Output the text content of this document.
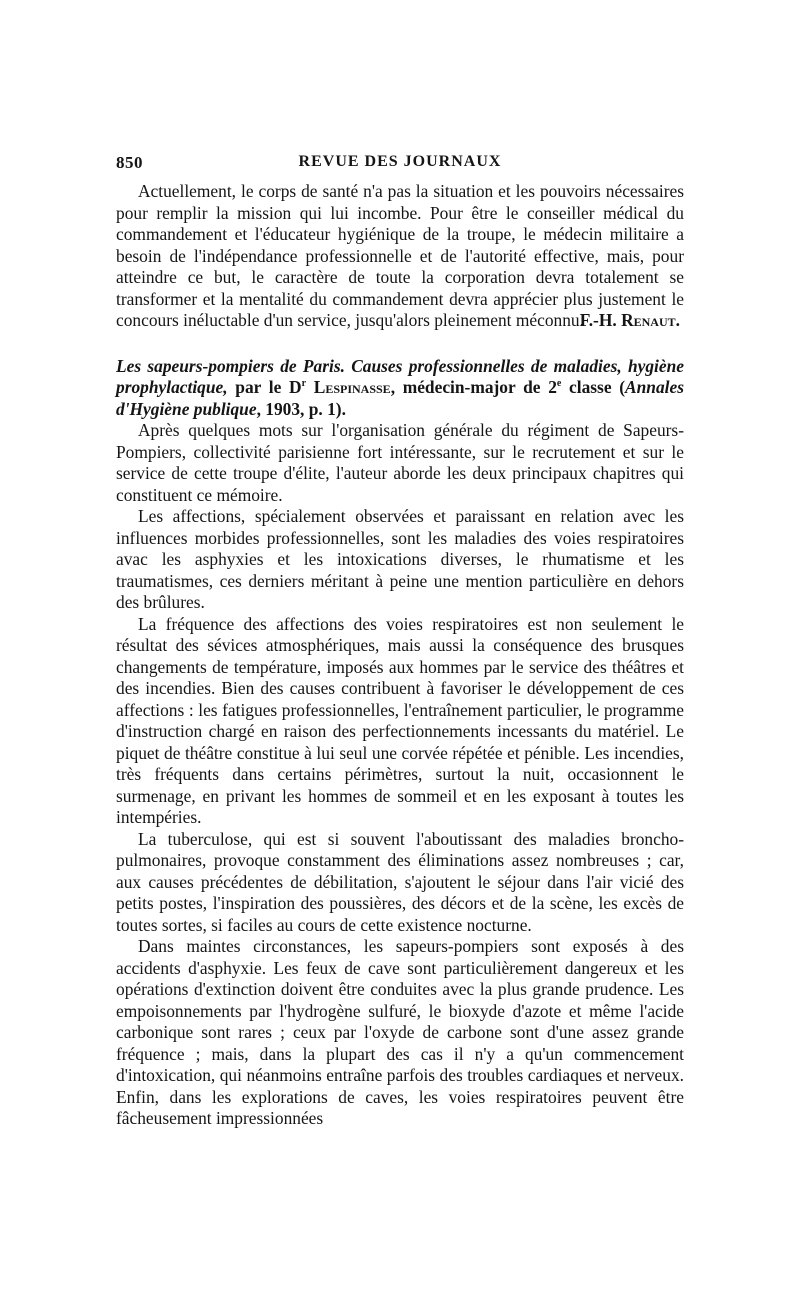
850	REVUE DES JOURNAUX

Actuellement, le corps de santé n'a pas la situation et les pouvoirs nécessaires pour remplir la mission qui lui incombe. Pour être le conseiller médical du commandement et l'éducateur hygiénique de la troupe, le médecin militaire a besoin de l'indépendance professionnelle et de l'autorité effective, mais, pour atteindre ce but, le caractère de toute la corporation devra totalement se transformer et la mentalité du commandement devra apprécier plus justement le concours inéluctable d'un service, jusqu'alors pleinement méconnu.

F.-H. Renaut.

Les sapeurs-pompiers de Paris. Causes professionnelles de maladies, hygiène prophylactique, par le $D^r$ Lespinasse, médecin-major de 2e classe (Annales d'Hygiène publique, 1903, p. 1).

Après quelques mots sur l'organisation générale du régiment de Sapeurs-Pompiers, collectivité parisienne fort intéressante, sur le recrutement et sur le service de cette troupe d'élite, l'auteur aborde les deux principaux chapitres qui constituent ce mémoire.

Les affections, spécialement observées et paraissant en relation avec les influences morbides professionnelles, sont les maladies des voies respiratoires avac les asphyxies et les intoxications diverses, le rhumatisme et les traumatismes, ces derniers méritant à peine une mention particulière en dehors des brûlures.

La fréquence des affections des voies respiratoires est non seulement le résultat des sévices atmosphériques, mais aussi la conséquence des brusques changements de température, imposés aux hommes par le service des théâtres et des incendies. Bien des causes contribuent à favoriser le développement de ces affections : les fatigues professionnelles, l'entraînement particulier, le programme d'instruction chargé en raison des perfectionnements incessants du matériel. Le piquet de théâtre constitue à lui seul une corvée répétée et pénible. Les incendies, très fréquents dans certains périmètres, surtout la nuit, occasionnent le surmenage, en privant les hommes de sommeil et en les exposant à toutes les intempéries.

La tuberculose, qui est si souvent l'aboutissant des maladies broncho-pulmonaires, provoque constamment des éliminations assez nombreuses ; car, aux causes précédentes de débilitation, s'ajoutent le séjour dans l'air vicié des petits postes, l'inspiration des poussières, des décors et de la scène, les excès de toutes sortes, si faciles au cours de cette existence nocturne.

Dans maintes circonstances, les sapeurs-pompiers sont exposés à des accidents d'asphyxie. Les feux de cave sont particulièrement dangereux et les opérations d'extinction doivent être conduites avec la plus grande prudence. Les empoisonnements par l'hydrogène sulfuré, le bioxyde d'azote et même l'acide carbonique sont rares ; ceux par l'oxyde de carbone sont d'une assez grande fréquence ; mais, dans la plupart des cas il n'y a qu'un commencement d'intoxication, qui néanmoins entraîne parfois des troubles cardiaques et nerveux. Enfin, dans les explorations de caves, les voies respiratoires peuvent être fâcheusement impressionnées
